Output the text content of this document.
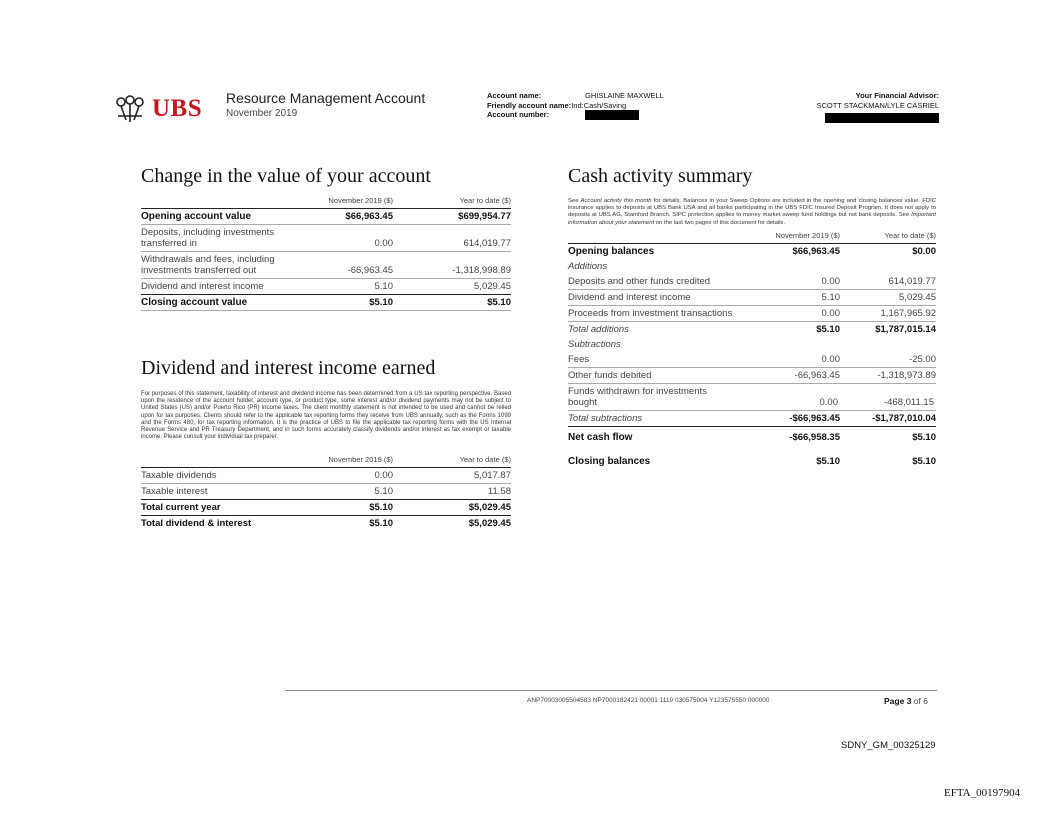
UBS Resource Management Account
November 2019
Account name:	GHISLAINE MAXWELL
Friendly account name:Ind:Cash/Saving
Account number:
Your Financial Advisor:
SCOTT STACKMAN/LYLE CASRIEL
Change in the value of your account
November 2019 ($)	Year to date ($)
Opening account value	$66,963.45	$699,954.77
Deposits, including investments transferred in	0.00	614,019.77
Withdrawals and fees, including investments transferred out	-66,963.45	-1,318,998.89
Dividend and interest income	5.10	5,029.45
Closing account value	$5.10	$5.10
Dividend and interest income earned
For purposes of this statement, taxability of interest and dividend income has been determined from a US tax reporting perspective. Based upon the residence of the account holder, account type, or product type, some interest and/or dividend payments may not be subject to United States (US) and/or Puerto Rico (PR) income taxes. The client monthly statement is not intended to be used and cannot be relied upon for tax purposes. Clients should refer to the applicable tax reporting forms they receive from UBS annually, such as the Forms 1099 and the Forms 480, for tax reporting information. It is the practice of UBS to file the applicable tax reporting forms with the US Internal Revenue Service and PR Treasury Department, and in such forms accurately classify dividends and/or interest as tax exempt or taxable income. Please consult your individual tax preparer.
November 2019 ($)	Year to date ($)
Taxable dividends	0.00	5,017.87
Taxable interest	5.10	11.58
Total current year	$5.10	$5,029.45
Total dividend & interest	$5.10	$5,029.45
Cash activity summary
See Account activity this month for details. Balances in your Sweep Options are included in the opening and closing balances value. FDIC insurance applies to deposits at UBS Bank USA and all banks participating in the UBS FDIC Insured Deposit Program. It does not apply to deposits at UBS AG, Stamford Branch. SIPC protection applies to money market sweep fund holdings but not bank deposits. See Important information about your statement on the last two pages of this document for details.
November 2019 ($)	Year to date ($)
Opening balances	$66,963.45	$0.00
Additions
Deposits and other funds credited	0.00	614,019.77
Dividend and interest income	5.10	5,029.45
Proceeds from investment transactions	0.00	1,167,965.92
Total additions	$5.10	$1,787,015.14
Subtractions
Fees	0.00	-25.00
Other funds debited	-66,963.45	-1,318,973.89
Funds withdrawn for investments bought	0.00	-468,011.15
Total subtractions	-$66,963.45	-$1,787,010.04
Net cash flow	-$66,958.35	$5.10
Closing balances	$5.10	$5.10
ANP7000300550458​3 NP7000182421 00001 1119 030575004 Y123575550 000000	Page 3 of 6
SDNY_GM_00325129
EFTA_00197904
